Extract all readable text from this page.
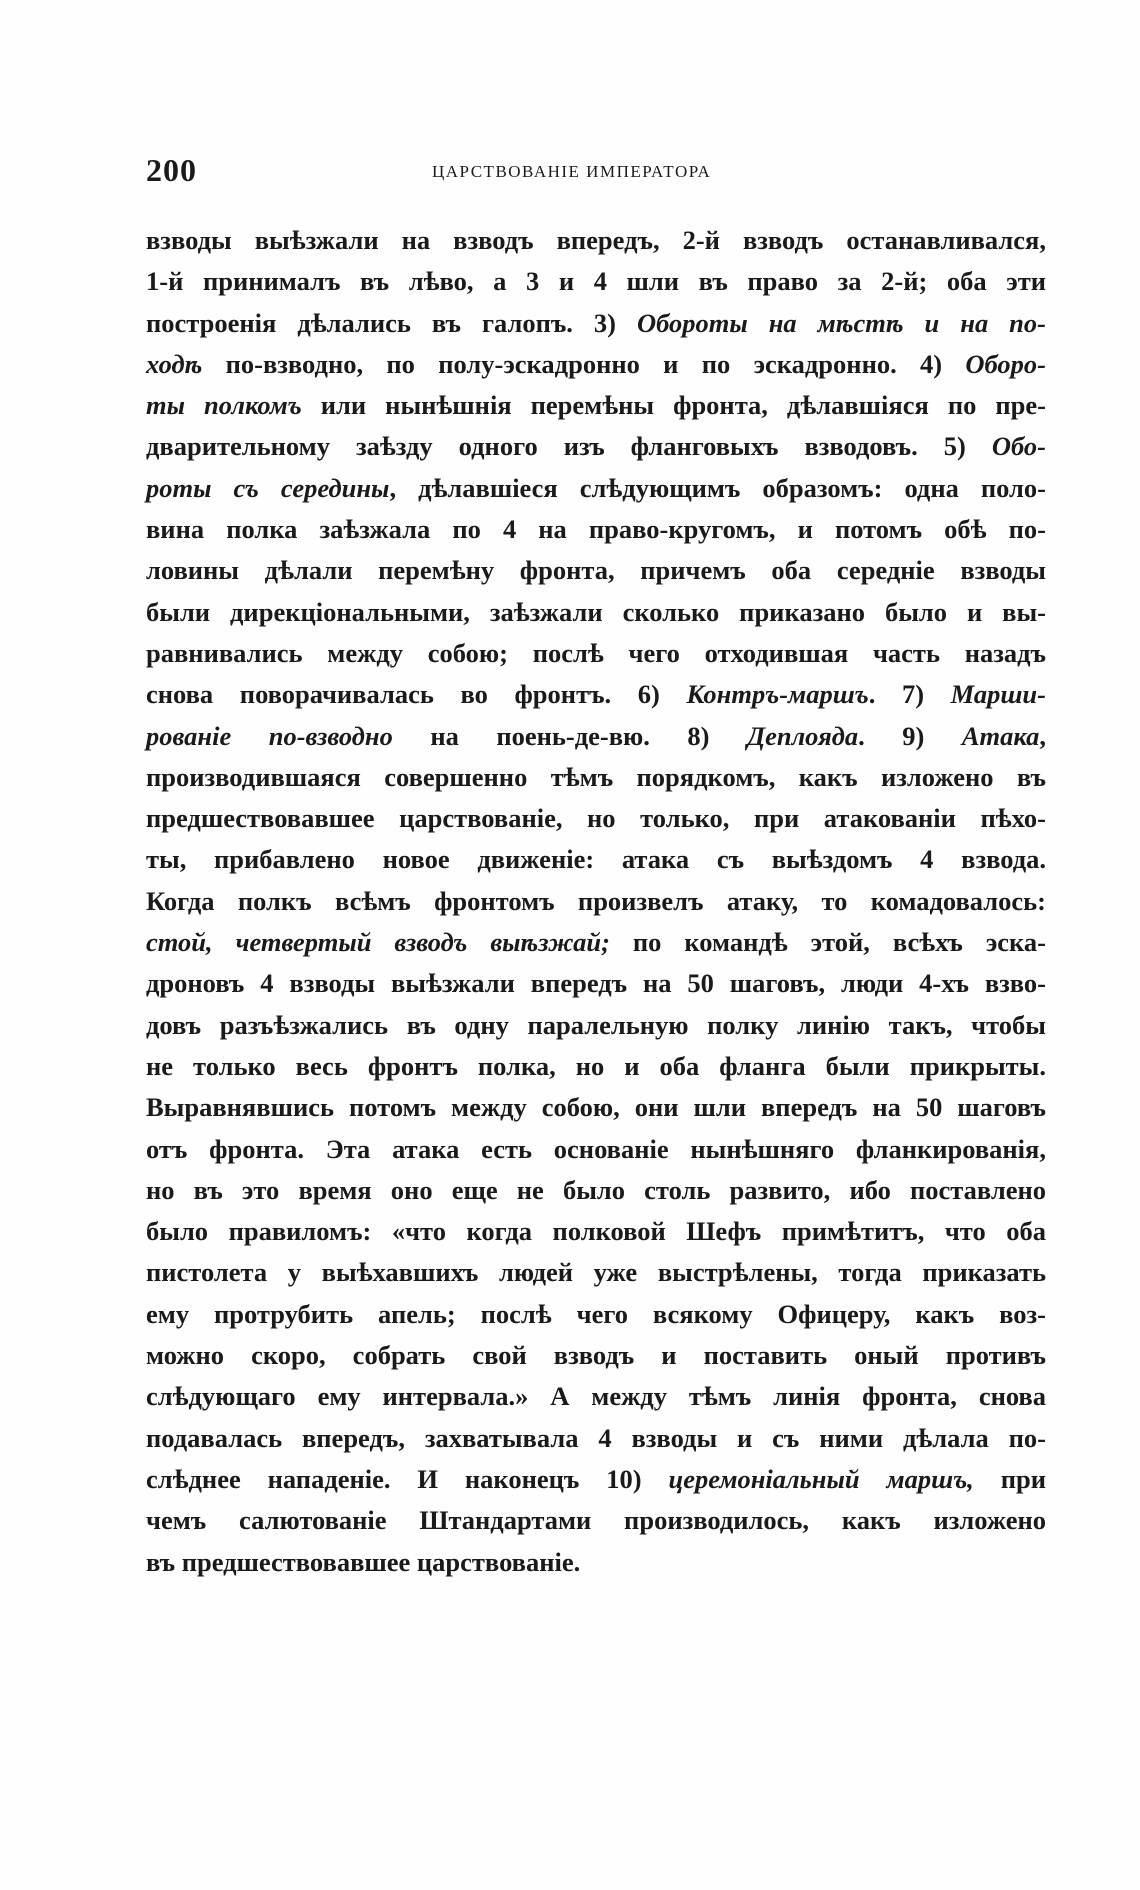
200	ЦАРСТВОВАНІЕ ИМПЕРАТОРА
взводы выѣзжали на взводъ впередъ, 2-й взводъ останавливался,
1-й принималъ въ лѣво, а 3 и 4 шли въ право за 2-й; оба эти
построенія дѣлались въ галопъ. 3) Обороты на мѣстѣ и на по-
ходѣ по-взводно, по полу-эскадронно и по эскадронно. 4) Оборо-
ты полкомъ или нынѣшнія перемѣны фронта, дѣлавшіяся по пре-
дварительному заѣзду одного изъ фланговыхъ взводовъ. 5) Обо-
роты съ середины, дѣлавшіеся слѣдующимъ образомъ: одна поло-
вина полка заѣзжала по 4 на право-кругомъ, и потомъ обѣ по-
ловины дѣлали перемѣну фронта, причемъ оба середніе взводы
были дирекціональными, заѣзжали сколько приказано было и вы-
равнивались между собою; послѣ чего отходившая часть назадъ
снова поворачивалась во фронтъ. 6) Контръ-маршъ. 7) Марши-
рованіе по-взводно на поень-де-вю. 8) Деплояда. 9) Атака,
производившаяся совершенно тѣмъ порядкомъ, какъ изложено въ
предшествовавшее царствованіе, но только, при атакованіи пѣхо-
ты, прибавлено новое движеніе: атака съ выѣздомъ 4 взвода.
Когда полкъ всѣмъ фронтомъ произвелъ атаку, то комадовалось:
стой, четвертый взводъ выѣзжай; по командѣ этой, всѣхъ эска-
дроновъ 4 взводы выѣзжали впередъ на 50 шаговъ, люди 4-хъ взво-
довъ разъѣзжались въ одну паралельную полку линію такъ, чтобы
не только весь фронтъ полка, но и оба фланга были прикрыты.
Выравнявшись потомъ между собою, они шли впередъ на 50 шаговъ
отъ фронта. Эта атака есть основаніе нынѣшняго фланкированія,
но въ это время оно еще не было столь развито, ибо поставлено
было правиломъ: «что когда полковой Шефъ примѣтитъ, что оба
пистолета у выѣхавшихъ людей уже выстрѣлены, тогда приказать
ему протрубить апель; послѣ чего всякому Офицеру, какъ воз-
можно скоро, собрать свой взводъ и поставить оный противъ
слѣдующаго ему интервала.» А между тѣмъ линія фронта, снова
подавалась впередъ, захватывала 4 взводы и съ ними дѣлала по-
слѣднее нападеніе. И наконецъ 10) церемоніальный маршъ, при
чемъ салютованіе Штандартами производилось, какъ изложено
въ предшествовавшее царствованіе.
